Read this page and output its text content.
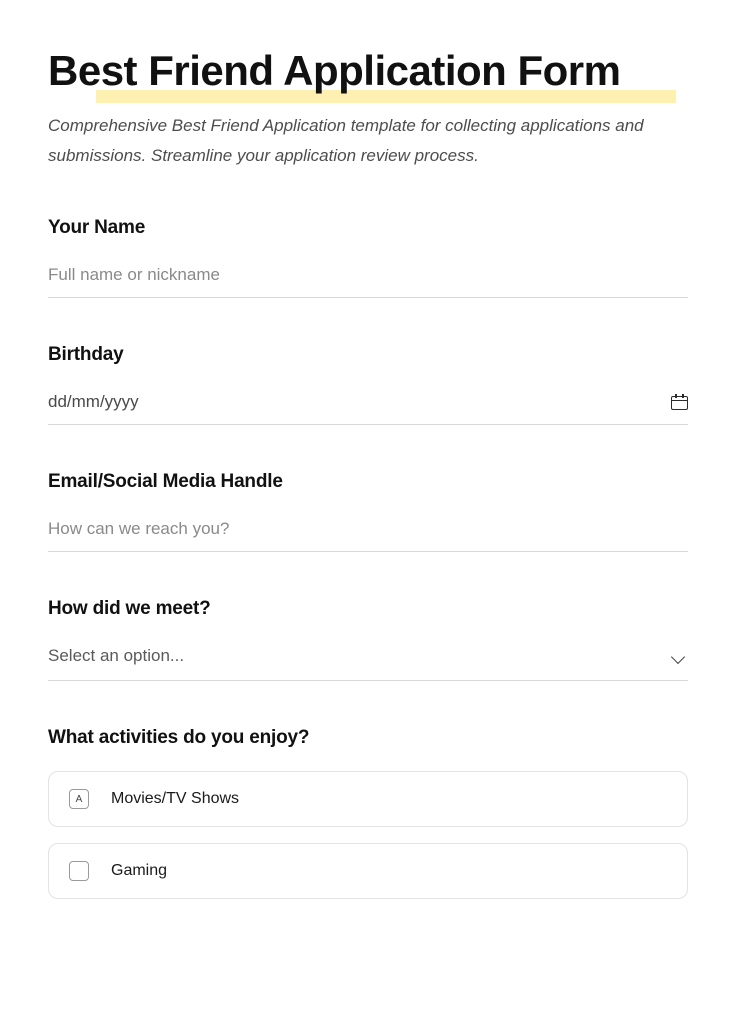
Best Friend Application Form

Comprehensive Best Friend Application template for collecting applications and submissions. Streamline your application review process.

Your Name
Full name or nickname
Birthday
dd/mm/yyyy
Email/Social Media Handle
How can we reach you?
How did we meet?
Select an option...
What activities do you enjoy?
A	Movies/TV Shows
Gaming
